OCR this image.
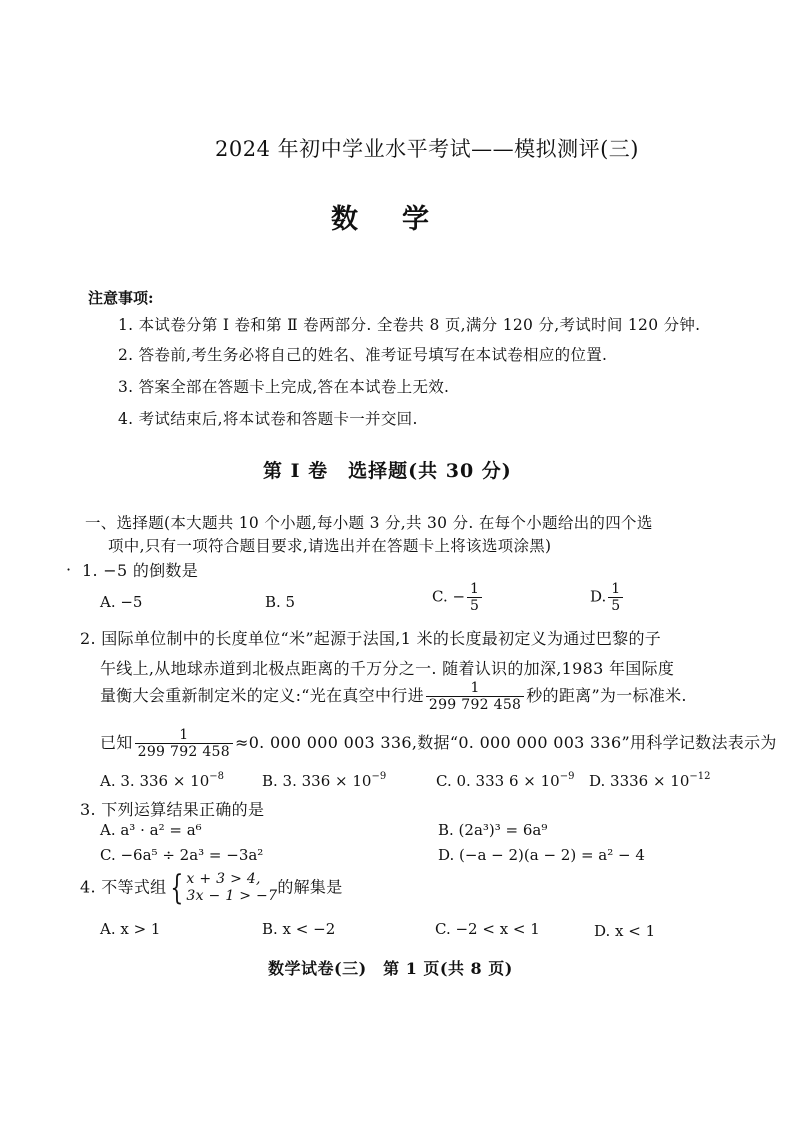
2024 年初中学业水平考试——模拟测评(三)
数学
注意事项:
1. 本试卷分第 Ⅰ 卷和第 Ⅱ 卷两部分. 全卷共 8 页,满分 120 分,考试时间 120 分钟.
2. 答卷前,考生务必将自己的姓名、准考证号填写在本试卷相应的位置.
3. 答案全部在答题卡上完成,答在本试卷上无效.
4. 考试结束后,将本试卷和答题卡一并交回.
第 Ⅰ 卷　选择题(共 30 分)
一、选择题(本大题共 10 个小题,每小题 3 分,共 30 分. 在每个小题给出的四个选
项中,只有一项符合题目要求,请选出并在答题卡上将该选项涂黑)
· 1. −5 的倒数是
A. −5	B. 5	C. − $\frac{1}{5}$	D. $\frac{1}{5}$
2. 国际单位制中的长度单位“米”起源于法国,1 米的长度最初定义为通过巴黎的子
午线上,从地球赤道到北极点距离的千万分之一. 随着认识的加深,1983 年国际度
量衡大会重新制定米的定义:“光在真空中行进 $\frac{1}{299 792 458}$ 秒的距离”为一标准米.
已知 $\frac{1}{299 792 458} \approx 0$. 000 000 003 336,数据“0. 000 000 003 336”用科学记数法表示为
A. 3. $336 \times 10^{-8}$	B. 3. $336 \times 10^{-9}$	C. 0. 333 $6 \times 10^{-9}$ D. $3336 \times 10^{-12}$
3. 下列运算结果正确的是
A. a³ · a² = a⁶	B. (2a³)³ = 6a⁹
C. −6a⁵ ÷ 2a³ = −3a²	D. (−a − 2)(a − 2) = a² − 4
4. 不等式组 { x + 3 > 4,
3x − 1 > −7 的解集是
A. x > 1	B. x < −2	C. −2 < x < 1	D. x < 1
数学试卷(三)　第 1 页(共 8 页)
